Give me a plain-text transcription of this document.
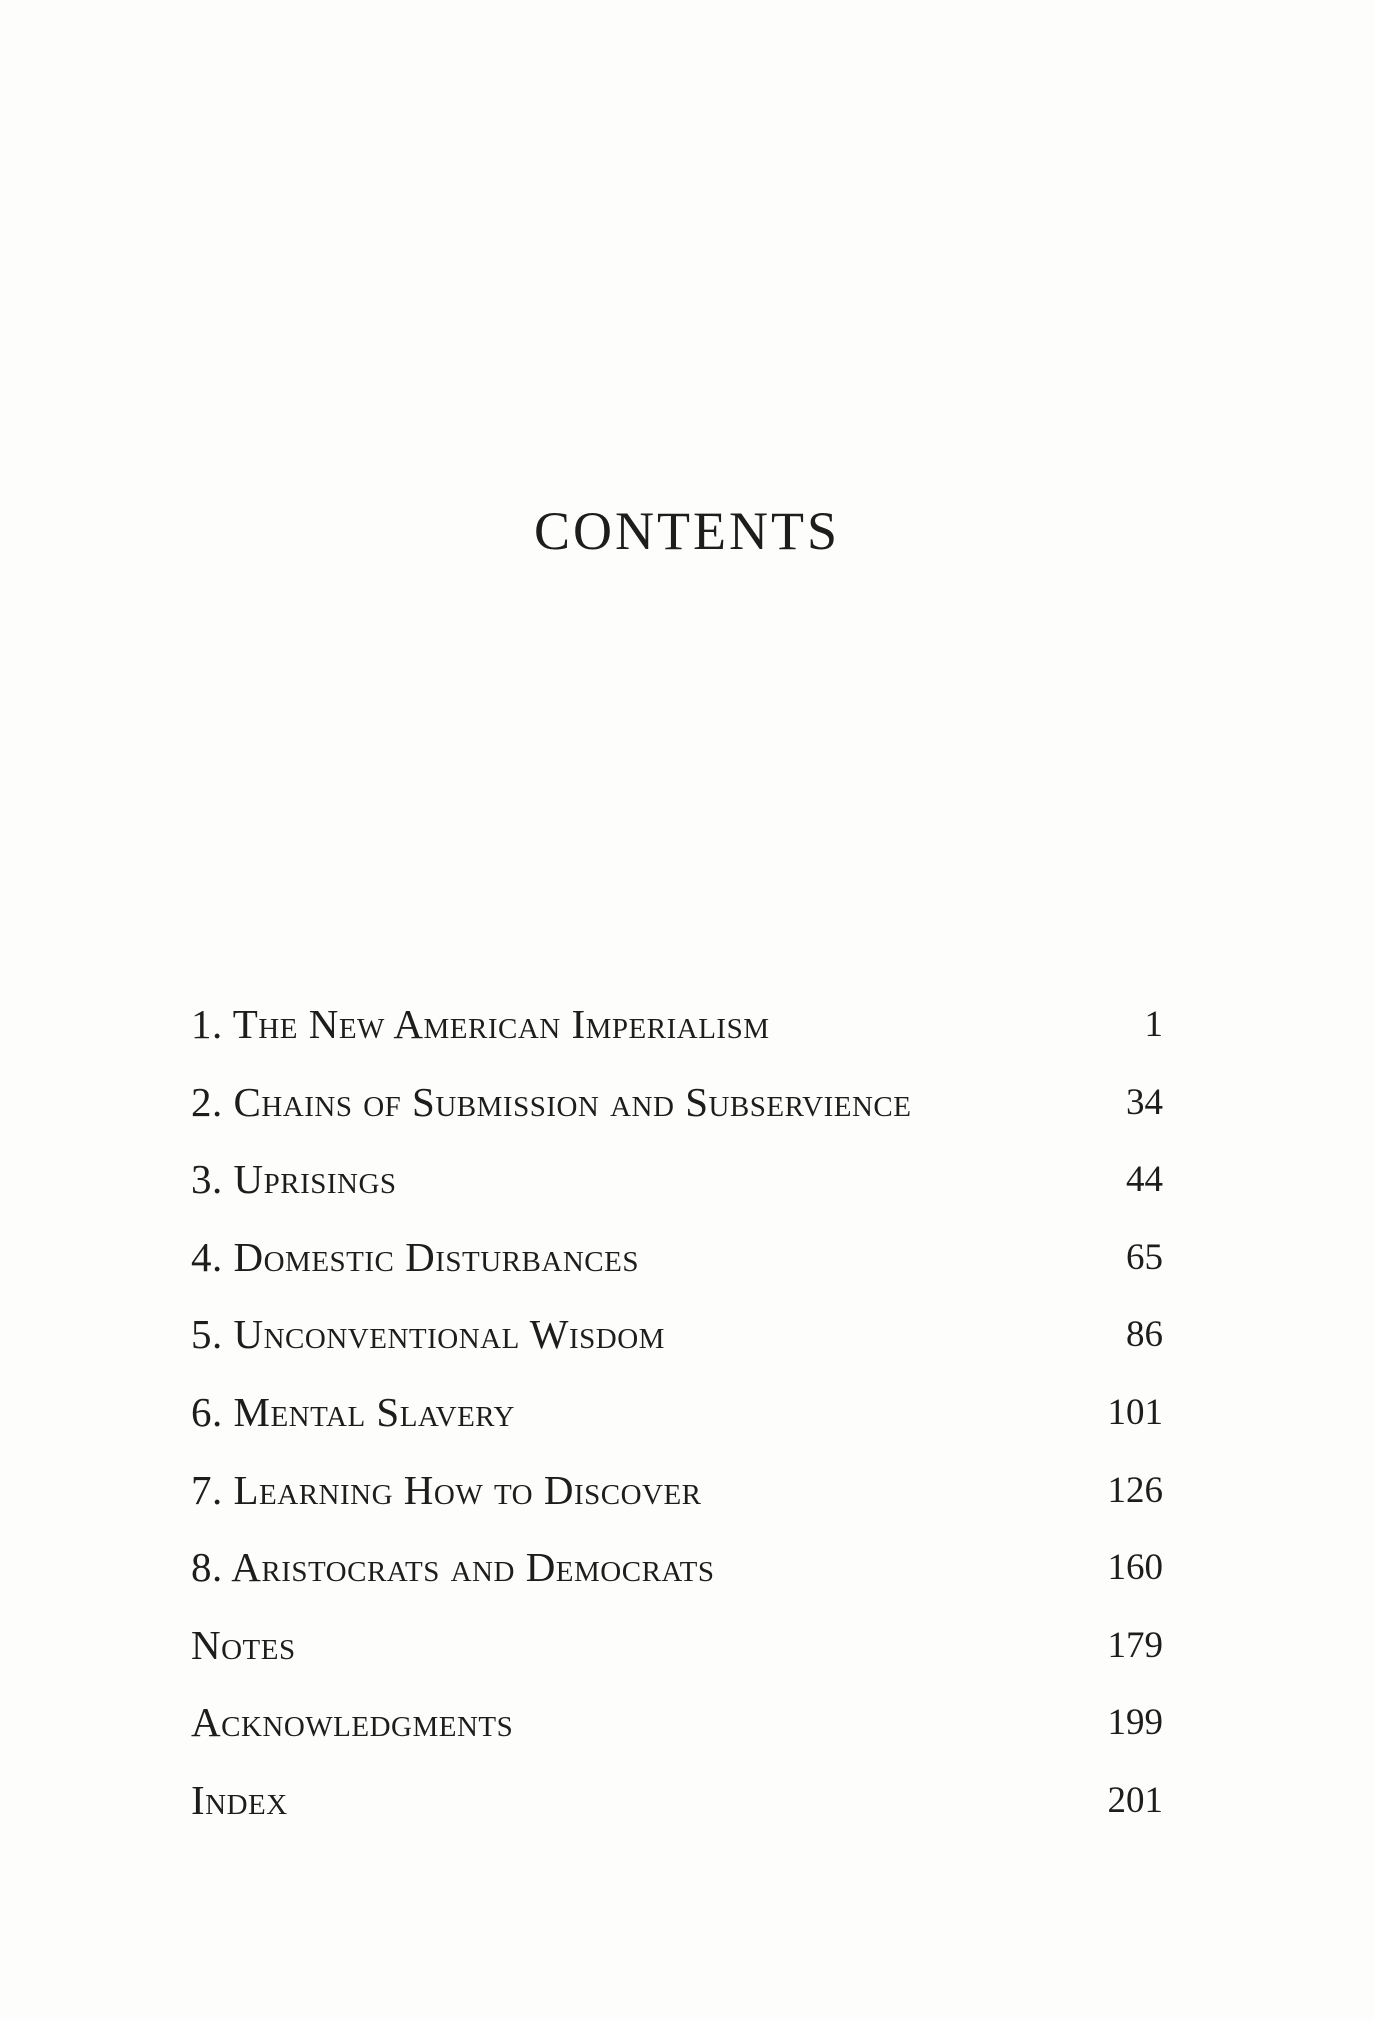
CONTENTS
1. The New American Imperialism	1
2. Chains of Submission and Subservience	34
3. Uprisings	44
4. Domestic Disturbances	65
5. Unconventional Wisdom	86
6. Mental Slavery	101
7. Learning How to Discover	126
8. Aristocrats and Democrats	160
Notes	179
Acknowledgments	199
Index	201
